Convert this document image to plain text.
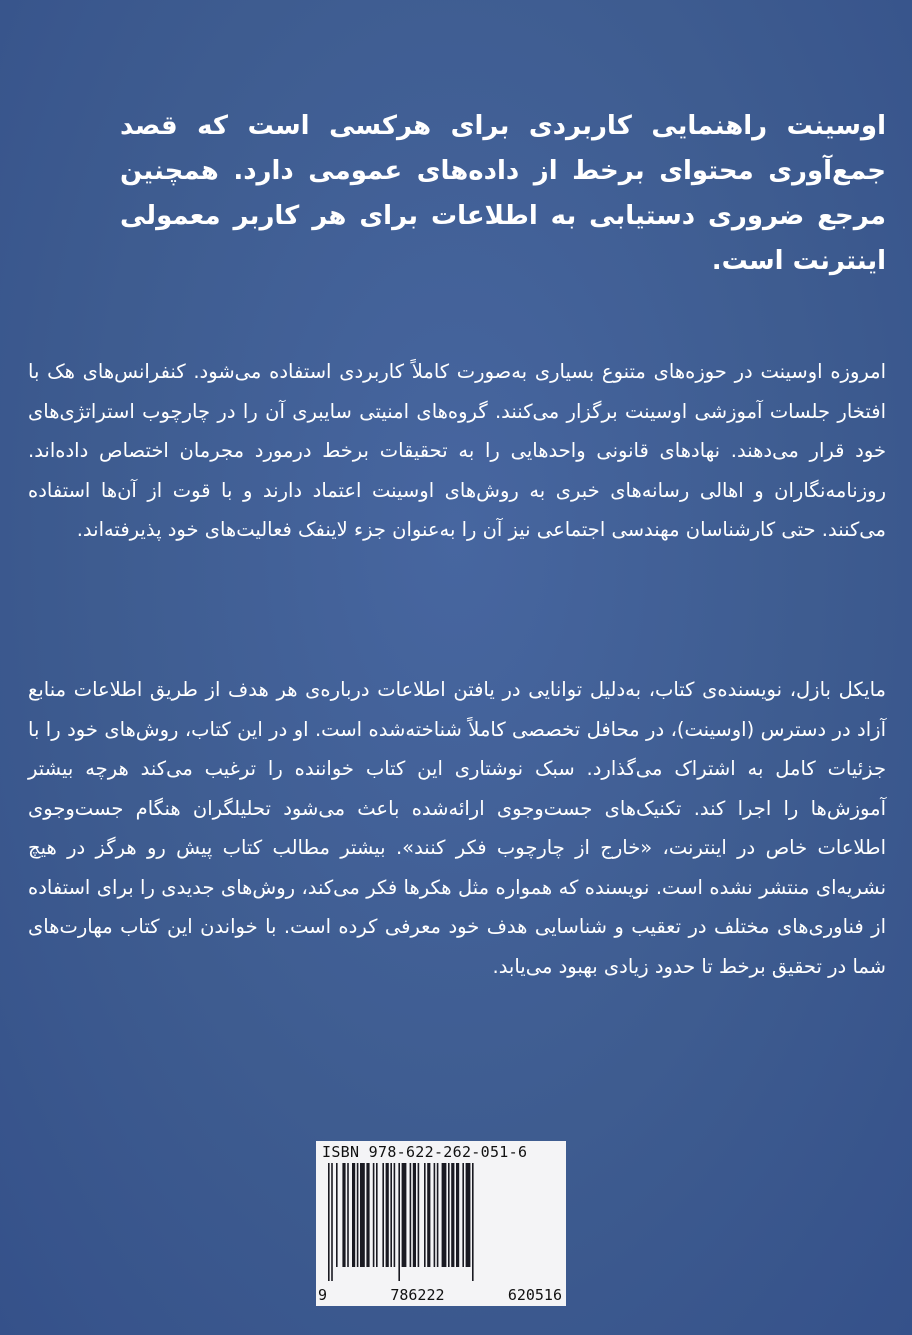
اوسینت راهنمایی کاربردی برای هرکسی است که قصد جمع‌آوری محتوای برخط از داده‌های عمومی دارد. همچنین مرجع ضروری دستیابی به اطلاعات برای هر کاربر معمولی اینترنت است.

امروزه اوسینت در حوزه‌های متنوع بسیاری به‌صورت کاملاً کاربردی استفاده می‌شود. کنفرانس‌های هک با افتخار جلسات آموزشی اوسینت برگزار می‌کنند. گروه‌های امنیتی سایبری آن را در چارچوب استراتژی‌های خود قرار می‌دهند. نهادهای قانونی واحدهایی را به تحقیقات برخط درمورد مجرمان اختصاص داده‌اند. روزنامه‌نگاران و اهالی رسانه‌های خبری به روش‌های اوسینت اعتماد دارند و با قوت از آن‌ها استفاده می‌کنند. حتی کارشناسان مهندسی اجتماعی نیز آن را به‌عنوان جزء لاینفک فعالیت‌های خود پذیرفته‌اند.

مایکل بازل، نویسنده‌ی کتاب، به‌دلیل توانایی در یافتن اطلاعات درباره‌ی هر هدف از طریق اطلاعات منابع آزاد در دسترس (اوسینت)، در محافل تخصصی کاملاً شناخته‌شده است. او در این کتاب، روش‌های خود را با جزئیات کامل به اشتراک می‌گذارد. سبک نوشتاری این کتاب خواننده را ترغیب می‌کند هرچه بیشتر آموزش‌ها را اجرا کند. تکنیک‌های جست‌وجوی ارائه‌شده باعث می‌شود تحلیلگران هنگام جست‌وجوی اطلاعات خاص در اینترنت، «خارج از چارچوب فکر کنند». بیشتر مطالب کتاب پیش رو هرگز در هیچ نشریه‌ای منتشر نشده است. نویسنده که همواره مثل هکرها فکر می‌کند، روش‌های جدیدی را برای استفاده از فناوری‌های مختلف در تعقیب و شناسایی هدف خود معرفی کرده است. با خواندن این کتاب مهارت‌های شما در تحقیق برخط تا حدود زیادی بهبود می‌یابد.

ISBN 978-622-262-051-6
9	786222	620516
